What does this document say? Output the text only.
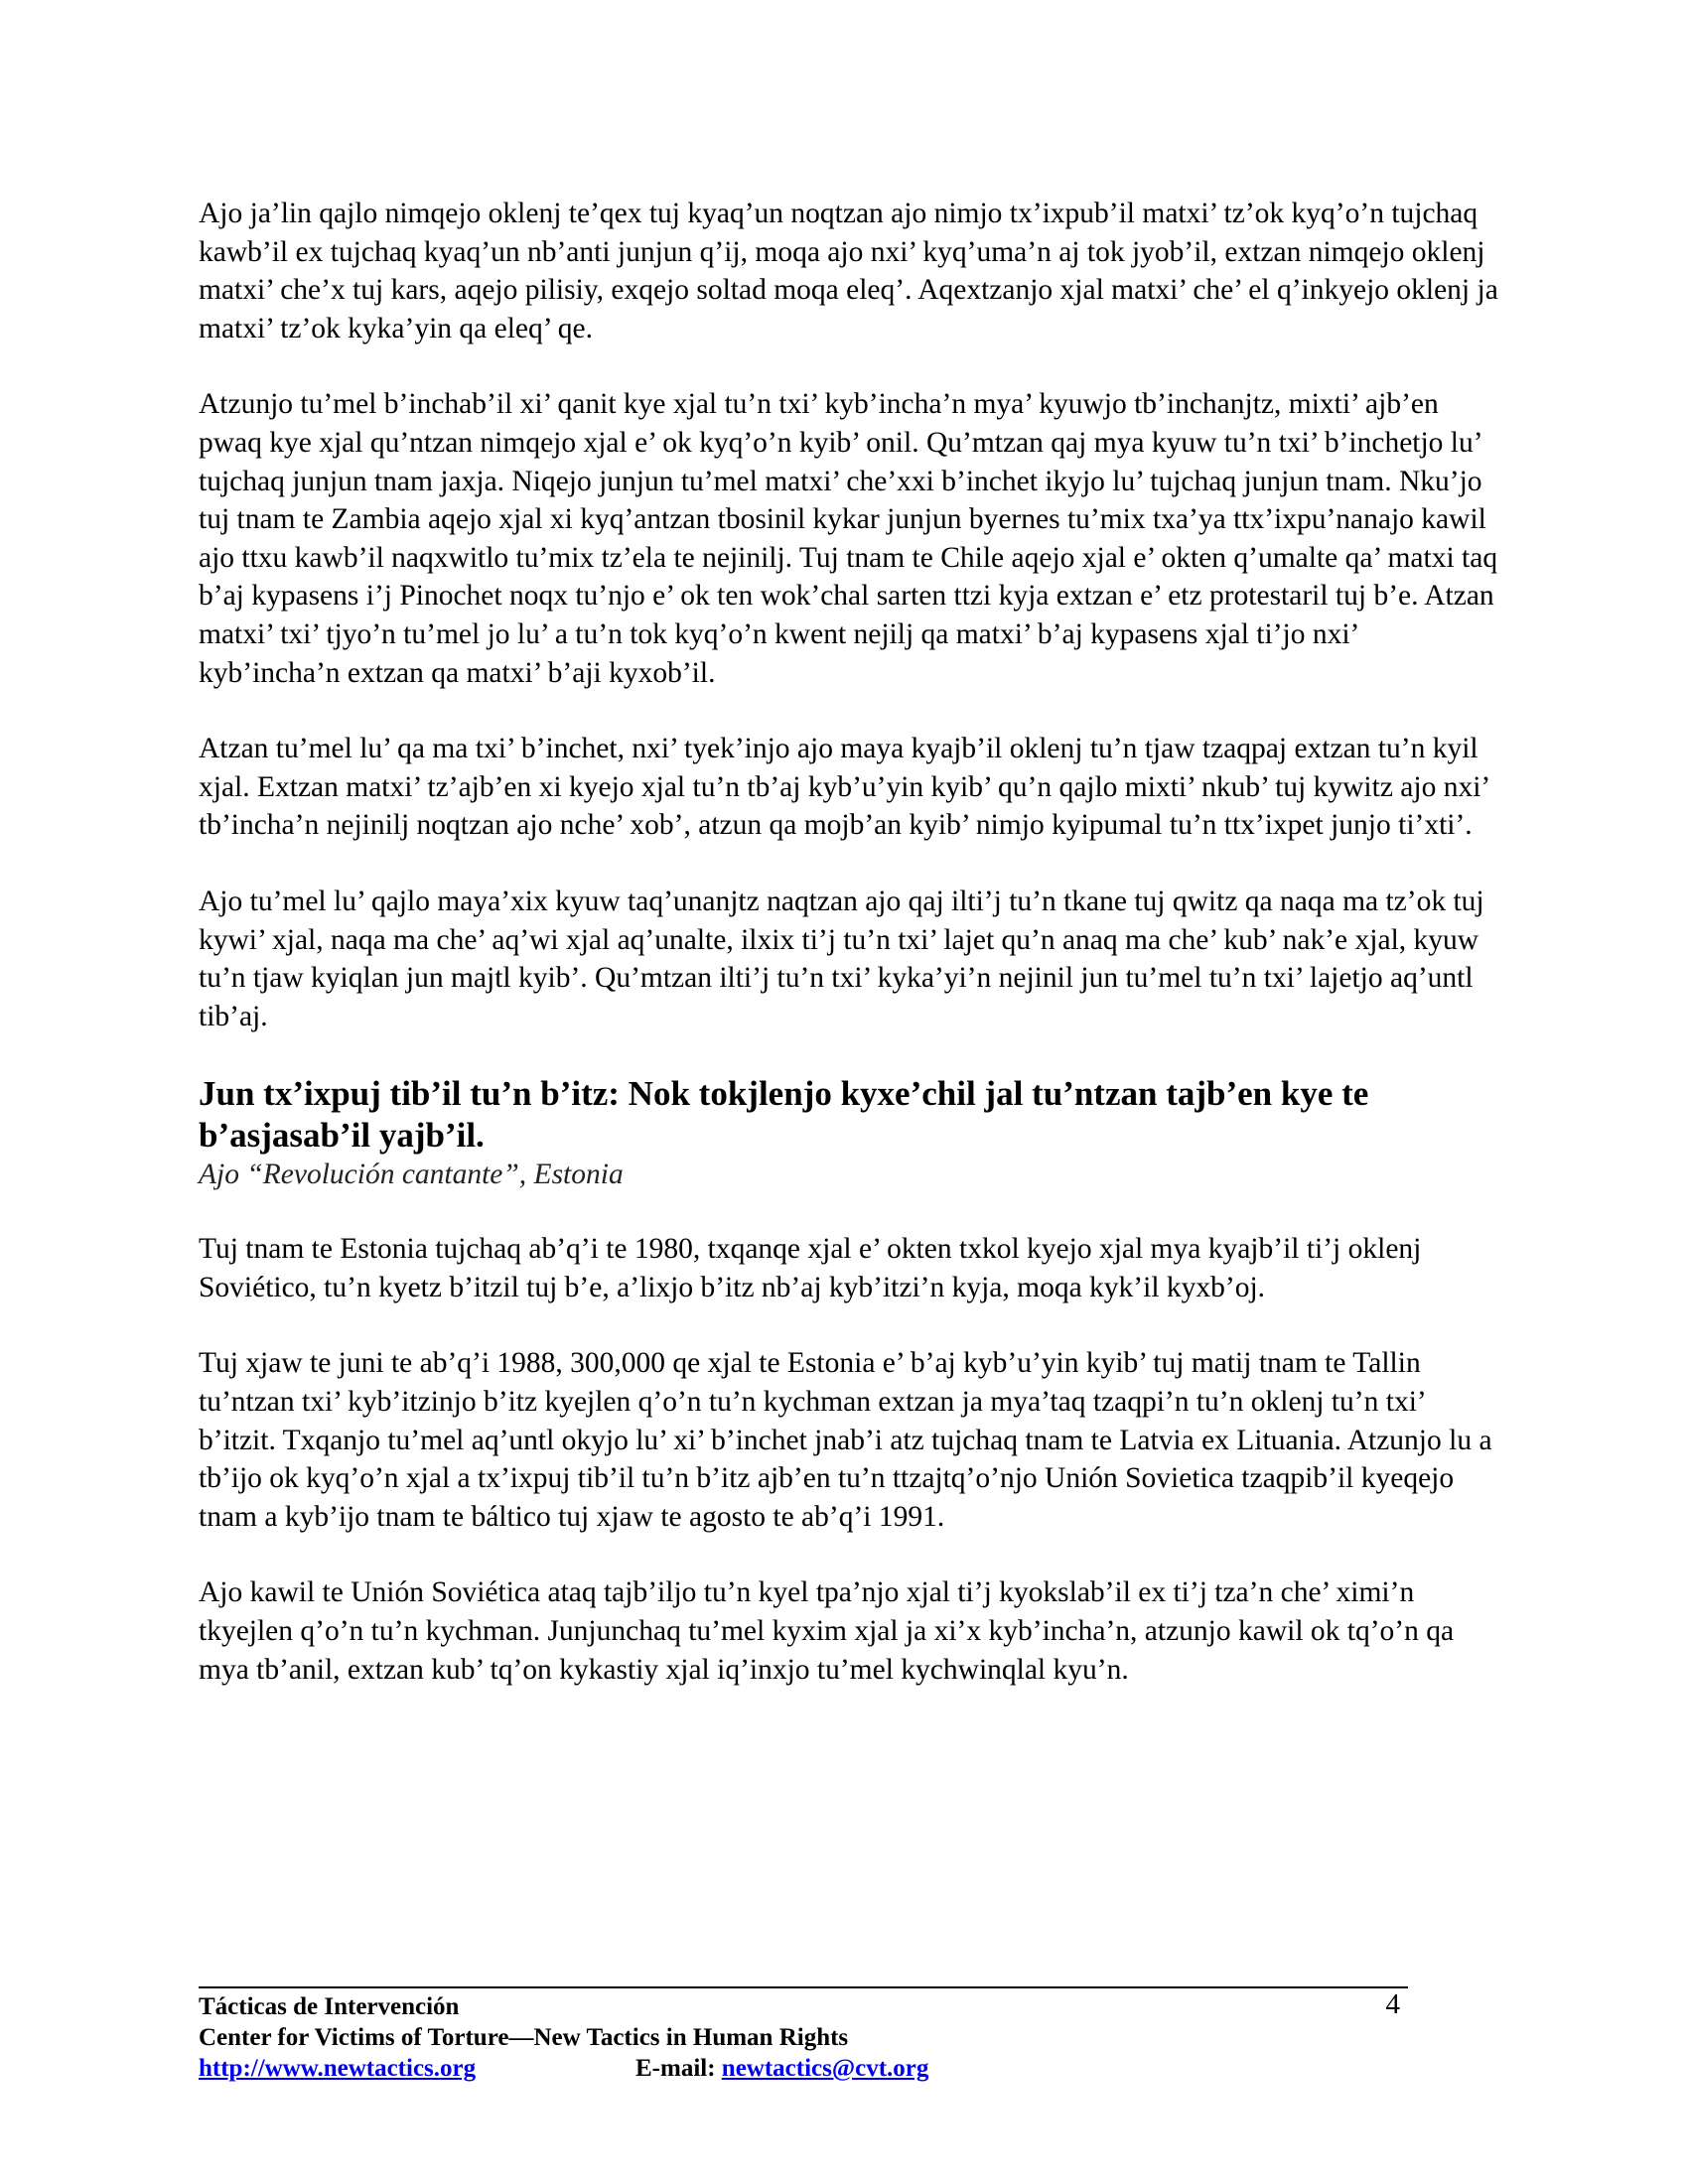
Ajo ja’lin qajlo nimqejo oklenj te’qex tuj kyaq’un noqtzan ajo nimjo tx’ixpub’il matxi’ tz’ok kyq’o’n tujchaq kawb’il ex tujchaq kyaq’un nb’anti junjun q’ij, moqa ajo nxi’ kyq’uma’n aj tok jyob’il, extzan nimqejo oklenj matxi’ che’x tuj kars, aqejo pilisiy, exqejo soltad moqa eleq’. Aqextzanjo xjal matxi’ che’ el q’inkyejo oklenj ja matxi’ tz’ok kyka’yin qa eleq’ qe.

Atzunjo tu’mel b’inchab’il xi’ qanit kye xjal tu’n txi’ kyb’incha’n mya’ kyuwjo tb’inchanjtz, mixti’ ajb’en pwaq kye xjal qu’ntzan nimqejo xjal e’ ok kyq’o’n kyib’ onil. Qu’mtzan qaj mya kyuw tu’n txi’ b’inchetjo lu’ tujchaq junjun tnam jaxja. Niqejo junjun tu’mel matxi’ che’xxi b’inchet ikyjo lu’ tujchaq junjun tnam. Nku’jo tuj tnam te Zambia aqejo xjal xi kyq’antzan tbosinil kykar junjun byernes tu’mix txa’ya ttx’ixpu’nanajo kawil ajo ttxu kawb’il naqxwitlo tu’mix tz’ela te nejinilj. Tuj tnam te Chile aqejo xjal e’ okten q’umalte qa’ matxi taq b’aj kypasens i’j Pinochet noqx tu’njo e’ ok ten wok’chal sarten ttzi kyja extzan e’ etz protestaril tuj b’e. Atzan matxi’ txi’ tjyo’n tu’mel jo lu’ a tu’n tok kyq’o’n kwent nejilj qa matxi’ b’aj kypasens xjal ti’jo nxi’ kyb’incha’n extzan qa matxi’ b’aji kyxob’il.

Atzan tu’mel lu’ qa ma txi’ b’inchet, nxi’ tyek’injo ajo maya kyajb’il oklenj tu’n tjaw tzaqpaj extzan tu’n kyil xjal. Extzan matxi’ tz’ajb’en xi kyejo xjal tu’n tb’aj kyb’u’yin kyib’ qu’n qajlo mixti’ nkub’ tuj kywitz ajo nxi’ tb’incha’n nejinilj noqtzan ajo nche’ xob’, atzun qa mojb’an kyib’ nimjo kyipumal tu’n ttx’ixpet junjo ti’xti’.

Ajo tu’mel lu’ qajlo maya’xix kyuw taq’unanjtz naqtzan ajo qaj ilti’j tu’n tkane tuj qwitz qa naqa ma tz’ok tuj kywi’ xjal, naqa ma che’ aq’wi xjal aq’unalte, ilxix ti’j tu’n txi’ lajet qu’n anaq ma che’ kub’ nak’e xjal, kyuw tu’n tjaw kyiqlan jun majtl kyib’. Qu’mtzan ilti’j tu’n txi’ kyka’yi’n nejinil jun tu’mel tu’n txi’ lajetjo aq’untl tib’aj.

Jun tx’ixpuj tib’il tu’n b’itz: Nok tokjlenjo kyxe’chil jal tu’ntzan tajb’en kye te b’asjasab’il yajb’il.

Ajo “Revolución cantante”, Estonia

Tuj tnam te Estonia tujchaq ab’q’i te 1980, txqanqe xjal e’ okten txkol kyejo xjal mya kyajb’il ti’j oklenj Soviético, tu’n kyetz b’itzil tuj b’e, a’lixjo b’itz nb’aj kyb’itzi’n kyja, moqa kyk’il kyxb’oj.

Tuj xjaw te juni te ab’q’i 1988, 300,000 qe xjal te Estonia e’ b’aj kyb’u’yin kyib’ tuj matij tnam te Tallin tu’ntzan txi’ kyb’itzinjo b’itz kyejlen q’o’n tu’n kychman extzan ja mya’taq tzaqpi’n tu’n oklenj tu’n txi’ b’itzit. Txqanjo tu’mel aq’untl okyjo lu’ xi’ b’inchet jnab’i atz tujchaq tnam te Latvia ex Lituania. Atzunjo lu a tb’ijo ok kyq’o’n xjal a tx’ixpuj tib’il tu’n b’itz ajb’en tu’n ttzajtq’o’njo Unión Sovietica tzaqpib’il kyeqejo tnam a kyb’ijo tnam te báltico tuj xjaw te agosto te ab’q’i 1991.

Ajo kawil te Unión Soviética ataq tajb’iljo tu’n kyel tpa’njo xjal ti’j kyokslab’il ex ti’j tza’n che’ ximi’n tkyejlen q’o’n tu’n kychman. Junjunchaq tu’mel kyxim xjal ja xi’x kyb’incha’n, atzunjo kawil ok tq’o’n qa mya tb’anil, extzan kub’ tq’on kykastiy xjal iq’inxjo tu’mel kychwinqlal kyu’n.

Tácticas de Intervención	4
Center for Victims of Torture—New Tactics in Human Rights
http://www.newtactics.org	E-mail: newtactics@cvt.org
